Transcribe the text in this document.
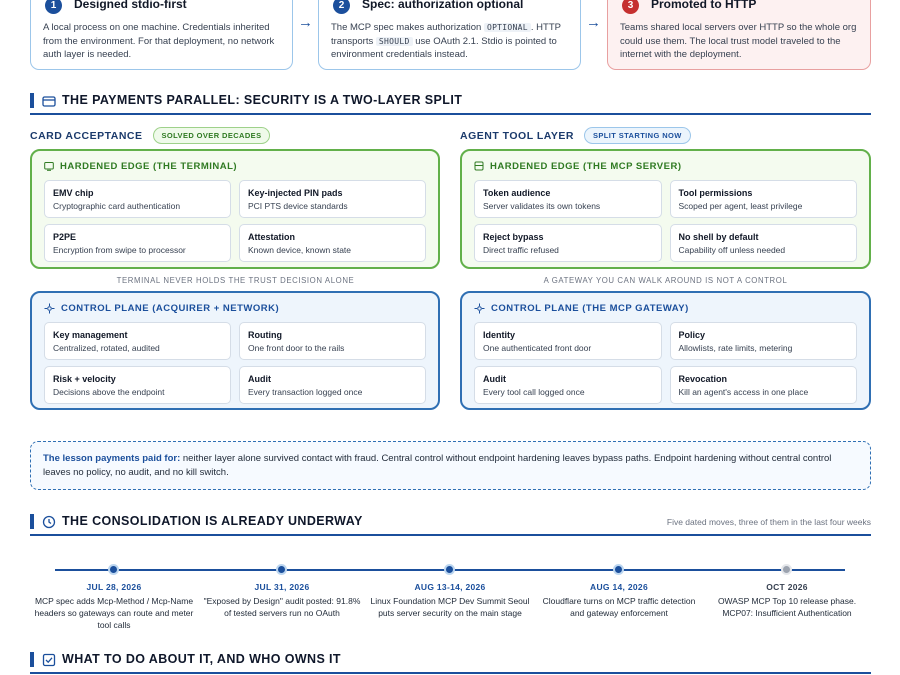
1	Designed stdio-first
A local process on one machine. Credentials inherited from the environment. For that deployment, no network auth layer is needed.
→
2	Spec: authorization optional
The MCP spec makes authorization OPTIONAL . HTTP transports SHOULD use OAuth 2.1. Stdio is pointed to environment credentials instead.
→
3	Promoted to HTTP
Teams shared local servers over HTTP so the whole org could use them. The local trust model traveled to the internet with the deployment.
THE PAYMENTS PARALLEL: SECURITY IS A TWO-LAYER SPLIT
CARD ACCEPTANCE	SOLVED OVER DECADES	AGENT TOOL LAYER	SPLIT STARTING NOW
HARDENED EDGE (THE TERMINAL)
EMV chip
Cryptographic card authentication
Key-injected PIN pads
PCI PTS device standards
P2PE
Encryption from swipe to processor
Attestation
Known device, known state
HARDENED EDGE (THE MCP SERVER)
Token audience
Server validates its own tokens
Tool permissions
Scoped per agent, least privilege
Reject bypass
Direct traffic refused
No shell by default
Capability off unless needed
TERMINAL NEVER HOLDS THE TRUST DECISION ALONE	A GATEWAY YOU CAN WALK AROUND IS NOT A CONTROL
CONTROL PLANE (ACQUIRER + NETWORK)
Key management
Centralized, rotated, audited
Routing
One front door to the rails
Risk + velocity
Decisions above the endpoint
Audit
Every transaction logged once
CONTROL PLANE (THE MCP GATEWAY)
Identity
One authenticated front door
Policy
Allowlists, rate limits, metering
Audit
Every tool call logged once
Revocation
Kill an agent's access in one place
The lesson payments paid for: neither layer alone survived contact with fraud. Central control without endpoint hardening leaves bypass paths. Endpoint hardening without central control leaves no policy, no audit, and no kill switch.
THE CONSOLIDATION IS ALREADY UNDERWAY	Five dated moves, three of them in the last four weeks
JUL 28, 2026
MCP spec adds Mcp-Method / Mcp-Name headers so gateways can route and meter tool calls
JUL 31, 2026
"Exposed by Design" audit posted: 91.8% of tested servers run no OAuth
AUG 13-14, 2026
Linux Foundation MCP Dev Summit Seoul puts server security on the main stage
AUG 14, 2026
Cloudflare turns on MCP traffic detection and gateway enforcement
OCT 2026
OWASP MCP Top 10 release phase. MCP07: Insufficient Authentication
WHAT TO DO ABOUT IT, AND WHO OWNS IT
